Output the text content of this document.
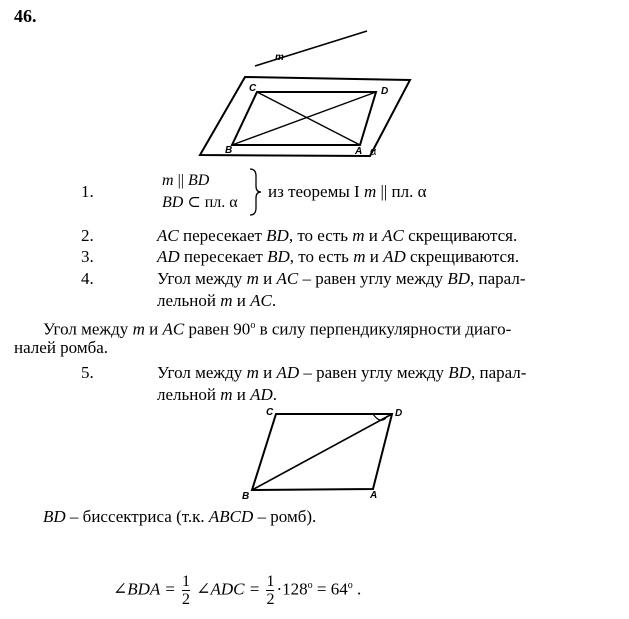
46.
m
C	D
B	A α
1.
m || BD
BD ⊂ пл. α
из теоремы I m || пл. α
2.	AC пересекает BD, то есть m и AC скрещиваются.
3.	AD пересекает BD, то есть m и AD скрещиваются.
4.	Угол между m и AC – равен углу между BD, парал-
лельной m и AC.
Угол между m и AC равен $90^о$ в силу перпендикулярности диаго-
налей ромба.
5.	Угол между m и AD – равен углу между BD, парал-
лельной m и AD.
C	D
B	A
BD – биссектриса (т.к. ABCD – ромб).
∠BDA = $\frac{1}{2}$ ∠ADC = $\frac{1}{2} \cdot 128^о = 64^о$ .
